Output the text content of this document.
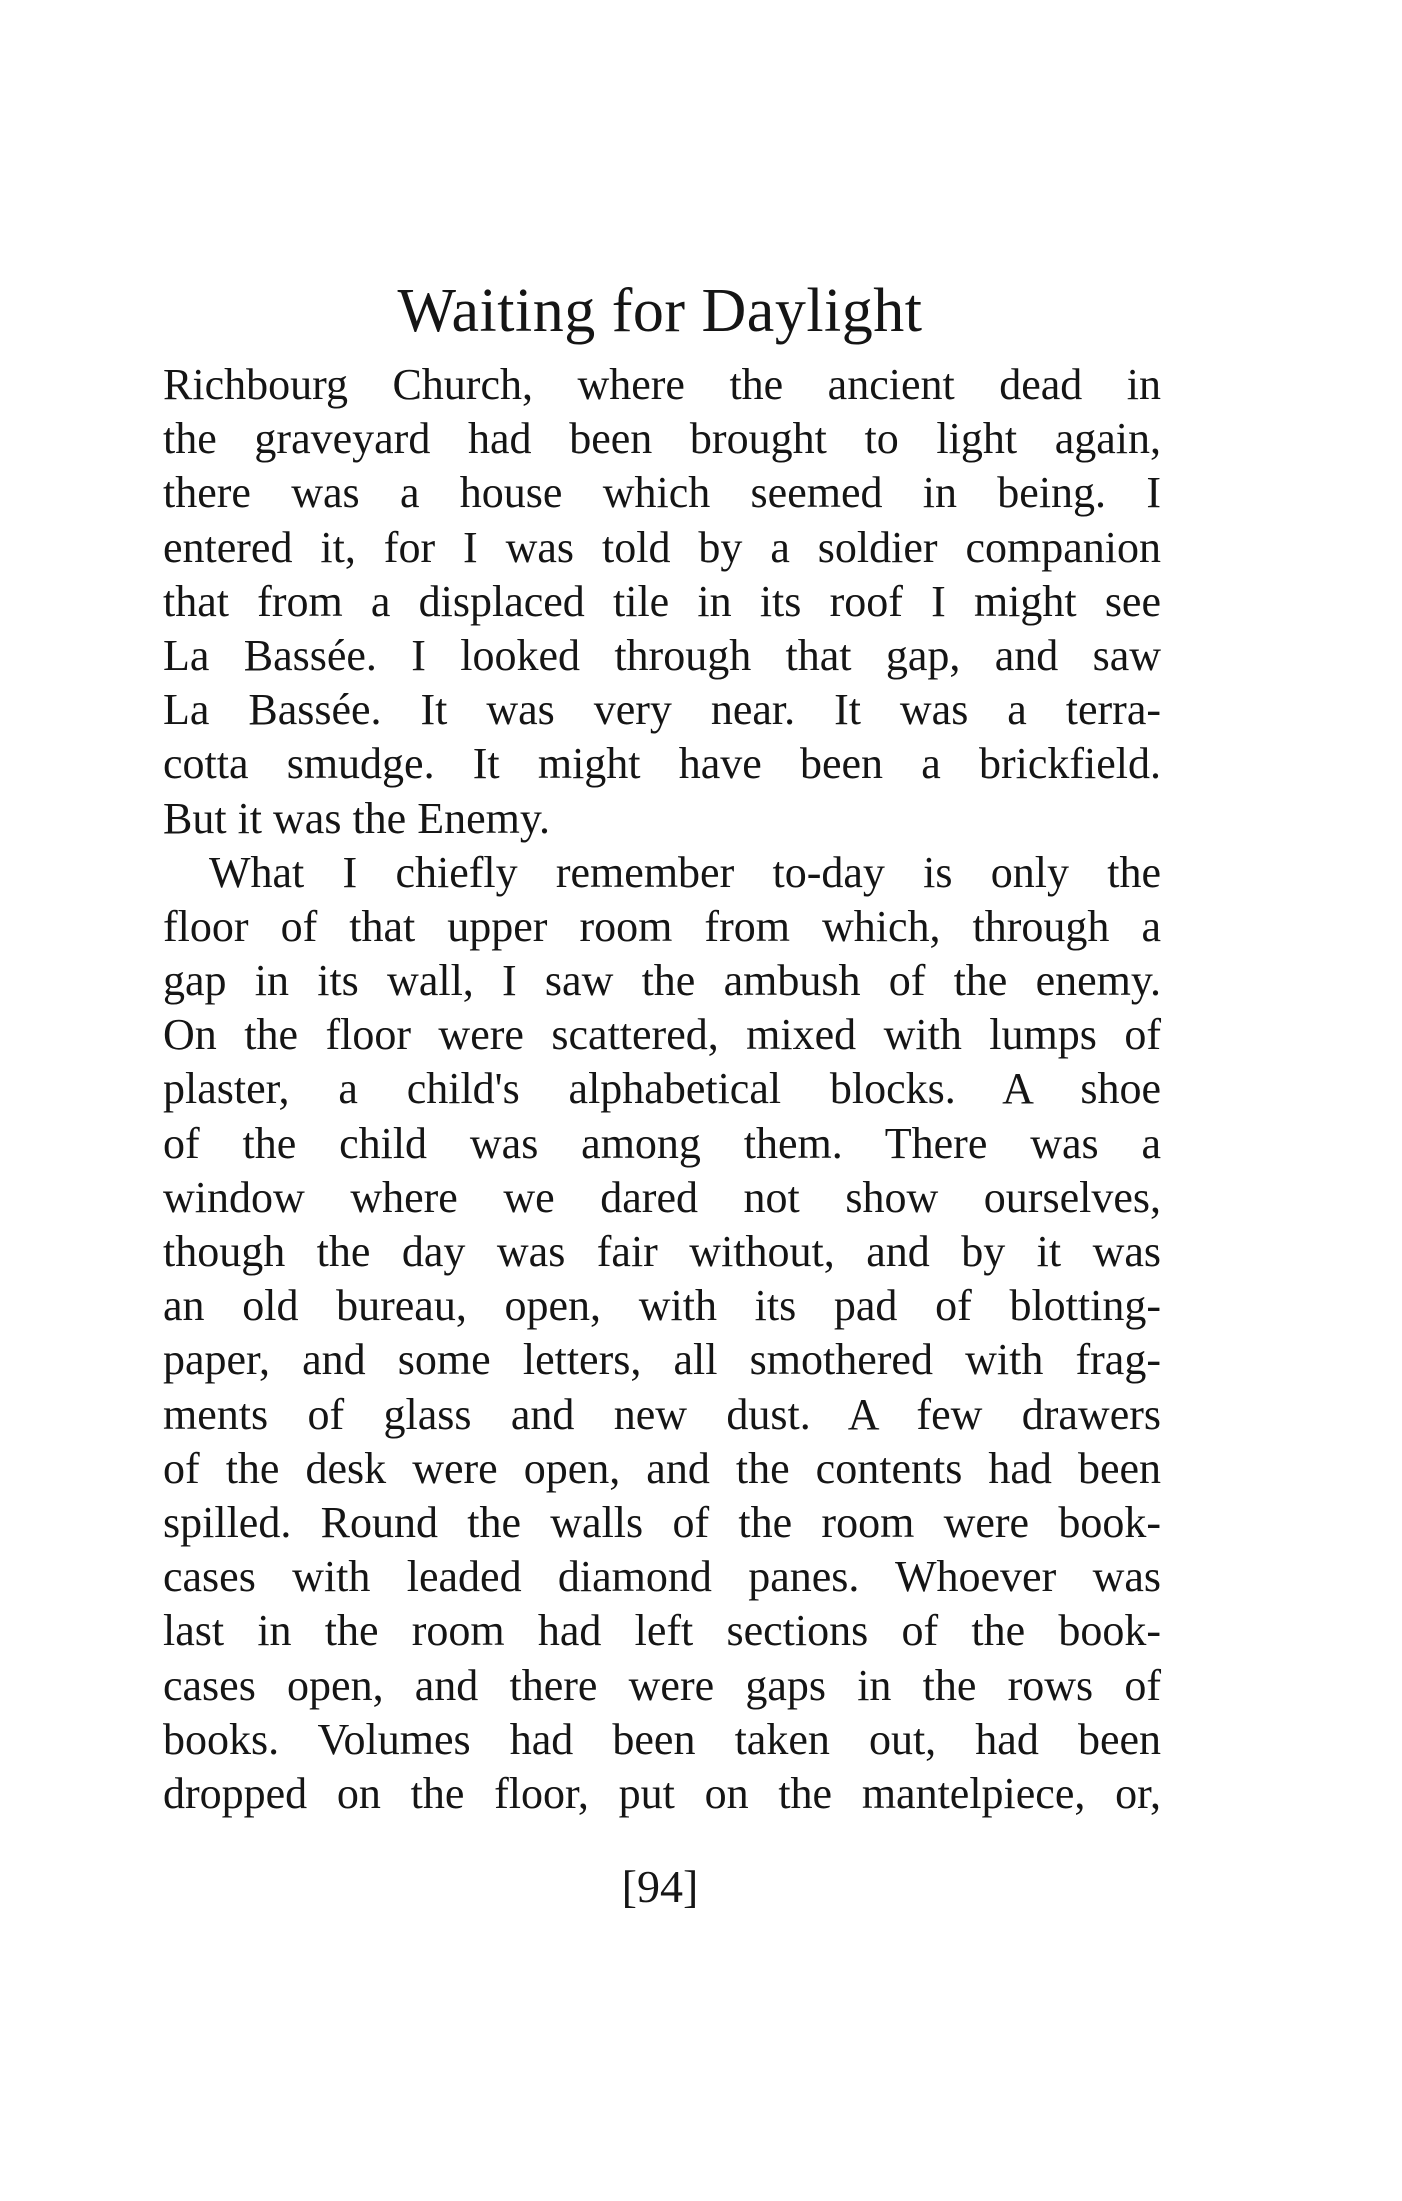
Waiting for Daylight
Richbourg Church, where the ancient dead in
the graveyard had been brought to light again,
there was a house which seemed in being. I
entered it, for I was told by a soldier companion
that from a displaced tile in its roof I might see
La Bassée. I looked through that gap, and saw
La Bassée. It was very near. It was a terra-
cotta smudge. It might have been a brickfield.
But it was the Enemy.
What I chiefly remember to-day is only the
floor of that upper room from which, through a
gap in its wall, I saw the ambush of the enemy.
On the floor were scattered, mixed with lumps of
plaster, a child's alphabetical blocks. A shoe
of the child was among them. There was a
window where we dared not show ourselves,
though the day was fair without, and by it was
an old bureau, open, with its pad of blotting-
paper, and some letters, all smothered with frag-
ments of glass and new dust. A few drawers
of the desk were open, and the contents had been
spilled. Round the walls of the room were book-
cases with leaded diamond panes. Whoever was
last in the room had left sections of the book-
cases open, and there were gaps in the rows of
books. Volumes had been taken out, had been
dropped on the floor, put on the mantelpiece, or,
[94]
